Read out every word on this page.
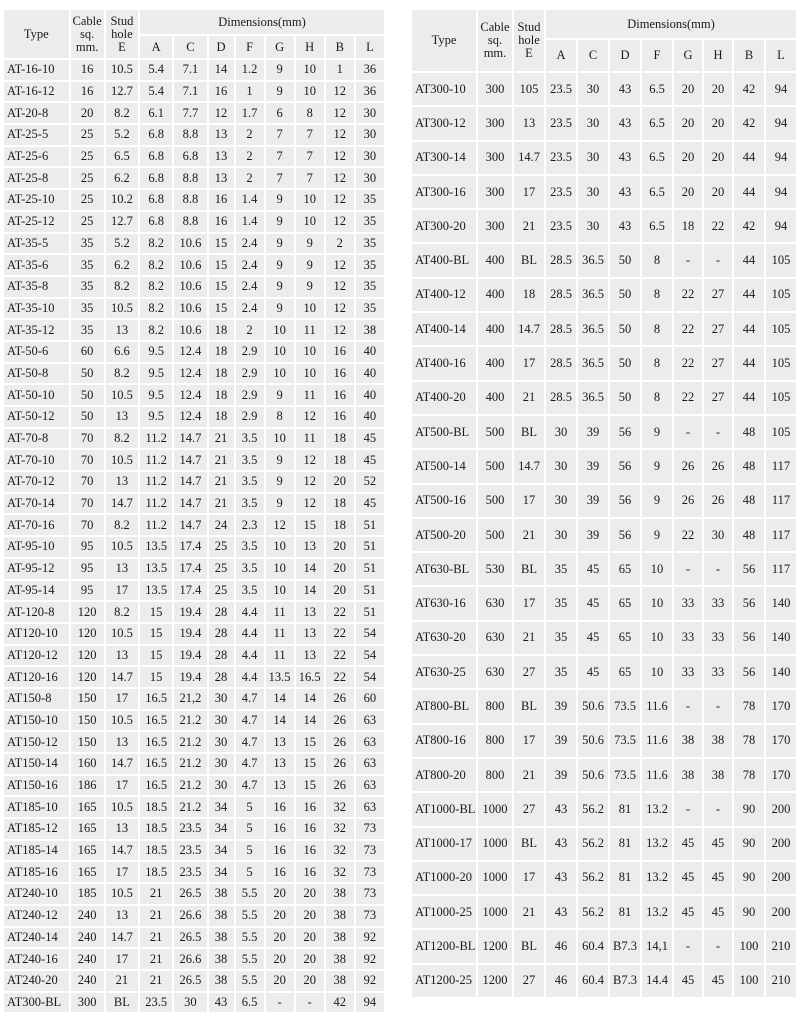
Type	Cable sq. mm.	Stud hole E	Dimensions(mm)							
			A	C	D	F	G	H	B	L
AT-16-10	16	10.5	5.4	7.1	14	1.2	9	10	1	36
AT-16-12	16	12.7	5.4	7.1	16	1	9	10	12	36
AT-20-8	20	8.2	6.1	7.7	12	1.7	6	8	12	30
AT-25-5	25	5.2	6.8	8.8	13	2	7	7	12	30
AT-25-6	25	6.5	6.8	6.8	13	2	7	7	12	30
AT-25-8	25	6.2	6.8	8.8	13	2	7	7	12	30
AT-25-10	25	10.2	6.8	8.8	16	1.4	9	10	12	35
AT-25-12	25	12.7	6.8	8.8	16	1.4	9	10	12	35
AT-35-5	35	5.2	8.2	10.6	15	2.4	9	9	2	35
AT-35-6	35	6.2	8.2	10.6	15	2.4	9	9	12	35
AT-35-8	35	8.2	8.2	10.6	15	2.4	9	9	12	35
AT-35-10	35	10.5	8.2	10.6	15	2.4	9	10	12	35
AT-35-12	35	13	8.2	10.6	18	2	10	11	12	38
AT-50-6	60	6.6	9.5	12.4	18	2.9	10	10	16	40
AT-50-8	50	8.2	9.5	12.4	18	2.9	10	10	16	40
AT-50-10	50	10.5	9.5	12.4	18	2.9	9	11	16	40
AT-50-12	50	13	9.5	12.4	18	2.9	8	12	16	40
AT-70-8	70	8.2	11.2	14.7	21	3.5	10	11	18	45
AT-70-10	70	10.5	11.2	14.7	21	3.5	9	12	18	45
AT-70-12	70	13	11.2	14.7	21	3.5	9	12	20	52
AT-70-14	70	14.7	11.2	14.7	21	3.5	9	12	18	45
AT-70-16	70	8.2	11.2	14.7	24	2.3	12	15	18	51
AT-95-10	95	10.5	13.5	17.4	25	3.5	10	13	20	51
AT-95-12	95	13	13.5	17.4	25	3.5	10	14	20	51
AT-95-14	95	17	13.5	17.4	25	3.5	10	14	20	51
AT-120-8	120	8.2	15	19.4	28	4.4	11	13	22	51
AT120-10	120	10.5	15	19.4	28	4.4	11	13	22	54
AT120-12	120	13	15	19.4	28	4.4	11	13	22	54
AT120-16	120	14.7	15	19.4	28	4.4	13.5	16.5	22	54
AT150-8	150	17	16.5	21,2	30	4.7	14	14	26	60
AT150-10	150	10.5	16.5	21.2	30	4.7	14	14	26	63
AT150-12	150	13	16.5	21.2	30	4.7	13	15	26	63
AT150-14	160	14.7	16.5	21.2	30	4.7	13	15	26	63
AT150-16	186	17	16.5	21.2	30	4.7	13	15	26	63
AT185-10	165	10.5	18.5	21.2	34	5	16	16	32	63
AT185-12	165	13	18.5	23.5	34	5	16	16	32	73
AT185-14	165	14.7	18.5	23.5	34	5	16	16	32	73
AT185-16	165	17	18.5	23.5	34	5	16	16	32	73
AT240-10	185	10.5	21	26.5	38	5.5	20	20	38	73
AT240-12	240	13	21	26.6	38	5.5	20	20	38	73
AT240-14	240	14.7	21	26.5	38	5.5	20	20	38	92
AT240-16	240	17	21	26.6	38	5.5	20	20	38	92
AT240-20	240	21	21	26.5	38	5.5	20	20	38	92
AT300-BL	300	BL	23.5	30	43	6.5	-	-	42	94
Type	Cable sq. mm.	Stud hole E	Dimensions(mm)							
			A	C	D	F	G	H	B	L
AT300-10	300	105	23.5	30	43	6.5	20	20	42	94
AT300-12	300	13	23.5	30	43	6.5	20	20	42	94
AT300-14	300	14.7	23.5	30	43	6.5	20	20	44	94
AT300-16	300	17	23.5	30	43	6.5	20	20	44	94
AT300-20	300	21	23.5	30	43	6.5	18	22	42	94
AT400-BL	400	BL	28.5	36.5	50	8	-	-	44	105
AT400-12	400	18	28.5	36.5	50	8	22	27	44	105
AT400-14	400	14.7	28.5	36.5	50	8	22	27	44	105
AT400-16	400	17	28.5	36.5	50	8	22	27	44	105
AT400-20	400	21	28.5	36.5	50	8	22	27	44	105
AT500-BL	500	BL	30	39	56	9	-	-	48	105
AT500-14	500	14.7	30	39	56	9	26	26	48	117
AT500-16	500	17	30	39	56	9	26	26	48	117
AT500-20	500	21	30	39	56	9	22	30	48	117
AT630-BL	530	BL	35	45	65	10	-	-	56	117
AT630-16	630	17	35	45	65	10	33	33	56	140
AT630-20	630	21	35	45	65	10	33	33	56	140
AT630-25	630	27	35	45	65	10	33	33	56	140
AT800-BL	800	BL	39	50.6	73.5	11.6	-	-	78	170
AT800-16	800	17	39	50.6	73.5	11.6	38	38	78	170
AT800-20	800	21	39	50.6	73.5	11.6	38	38	78	170
AT1000-BL	1000	27	43	56.2	81	13.2	-	-	90	200
AT1000-17	1000	BL	43	56.2	81	13.2	45	45	90	200
AT1000-20	1000	17	43	56.2	81	13.2	45	45	90	200
AT1000-25	1000	21	43	56.2	81	13.2	45	45	90	200
AT1200-BL	1200	BL	46	60.4	B7.3	14,1	-	-	100	210
AT1200-25	1200	27	46	60.4	B7.3	14.4	45	45	100	210
